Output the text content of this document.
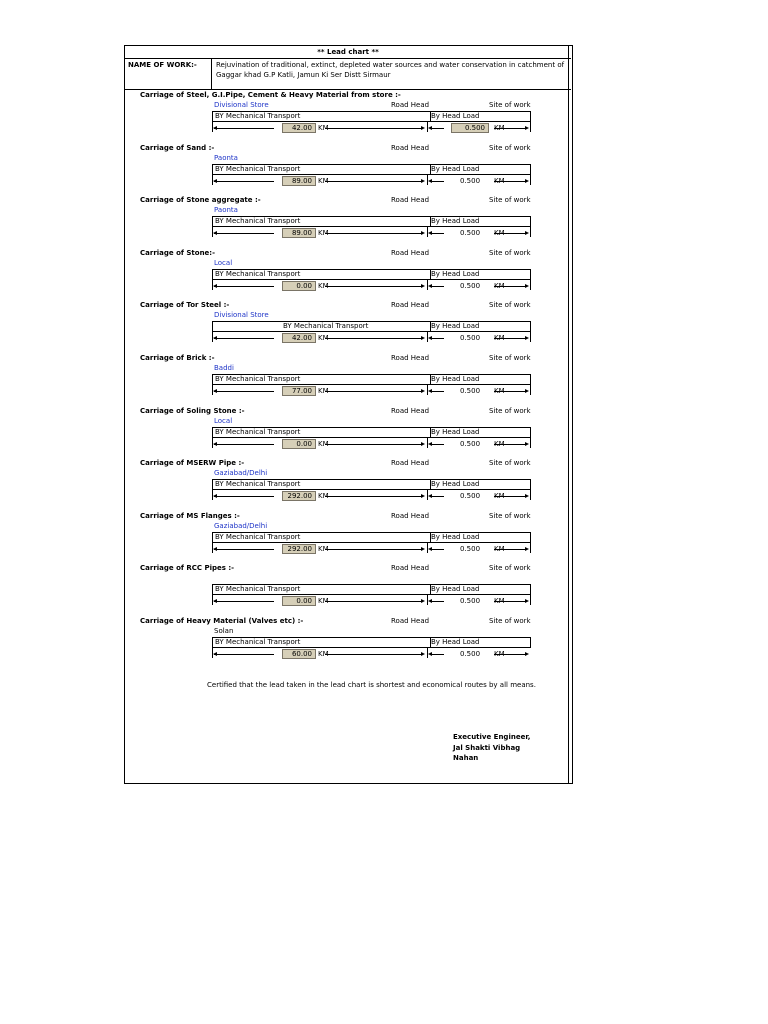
** Lead chart **
NAME OF WORK:-	Rejuvination of traditional, extinct, depleted water sources and water conservation in catchment of
Gaggar khad G.P Katli, Jamun Ki Ser Distt Sirmaur
Carriage of Steel, G.I.Pipe, Cement & Heavy Material from store :-
Road Head	Site of work
Divisional Store
BY Mechanical Transport	By Head Load
42.00 KM	0.500	KM
Carriage of Sand :-	Road Head	Site of work
Paonta
BY Mechanical Transport	By Head Load
89.00 KM	0.500 KM
Carriage of Stone aggregate :-	Road Head	Site of work
Paonta
BY Mechanical Transport	By Head Load
89.00 KM	0.500 KM
Carriage of Stone:-	Road Head	Site of work
Local
BY Mechanical Transport	By Head Load
0.00 KM	0.500 KM
Carriage of Tor Steel :-	Road Head	Site of work
Divisional Store
BY Mechanical Transport	By Head Load
42.00 KM	0.500 KM
Carriage of Brick :-	Road Head	Site of work
Baddi
BY Mechanical Transport	By Head Load
77.00 KM	0.500 KM
Carriage of Soling Stone :-	Road Head	Site of work
Local
BY Mechanical Transport	By Head Load
0.00 KM	0.500 KM
Carriage of MSERW Pipe :-	Road Head	Site of work
Gaziabad/Delhi
BY Mechanical Transport	By Head Load
292.00 KM	0.500 KM
Carriage of MS Flanges :-	Road Head	Site of work
Gaziabad/Delhi
BY Mechanical Transport	By Head Load
292.00 KM	0.500 KM
Carriage of RCC Pipes :-	Road Head	Site of work
BY Mechanical Transport	By Head Load
0.00 KM	0.500 KM
Carriage of Heavy Material (Valves etc) :-	Road Head	Site of work
Solan
BY Mechanical Transport	By Head Load
60.00 KM	0.500 KM
Certified that the lead taken in the lead chart is shortest and economical routes by all means.
Executive Engineer,
Jal Shakti Vibhag
Nahan
